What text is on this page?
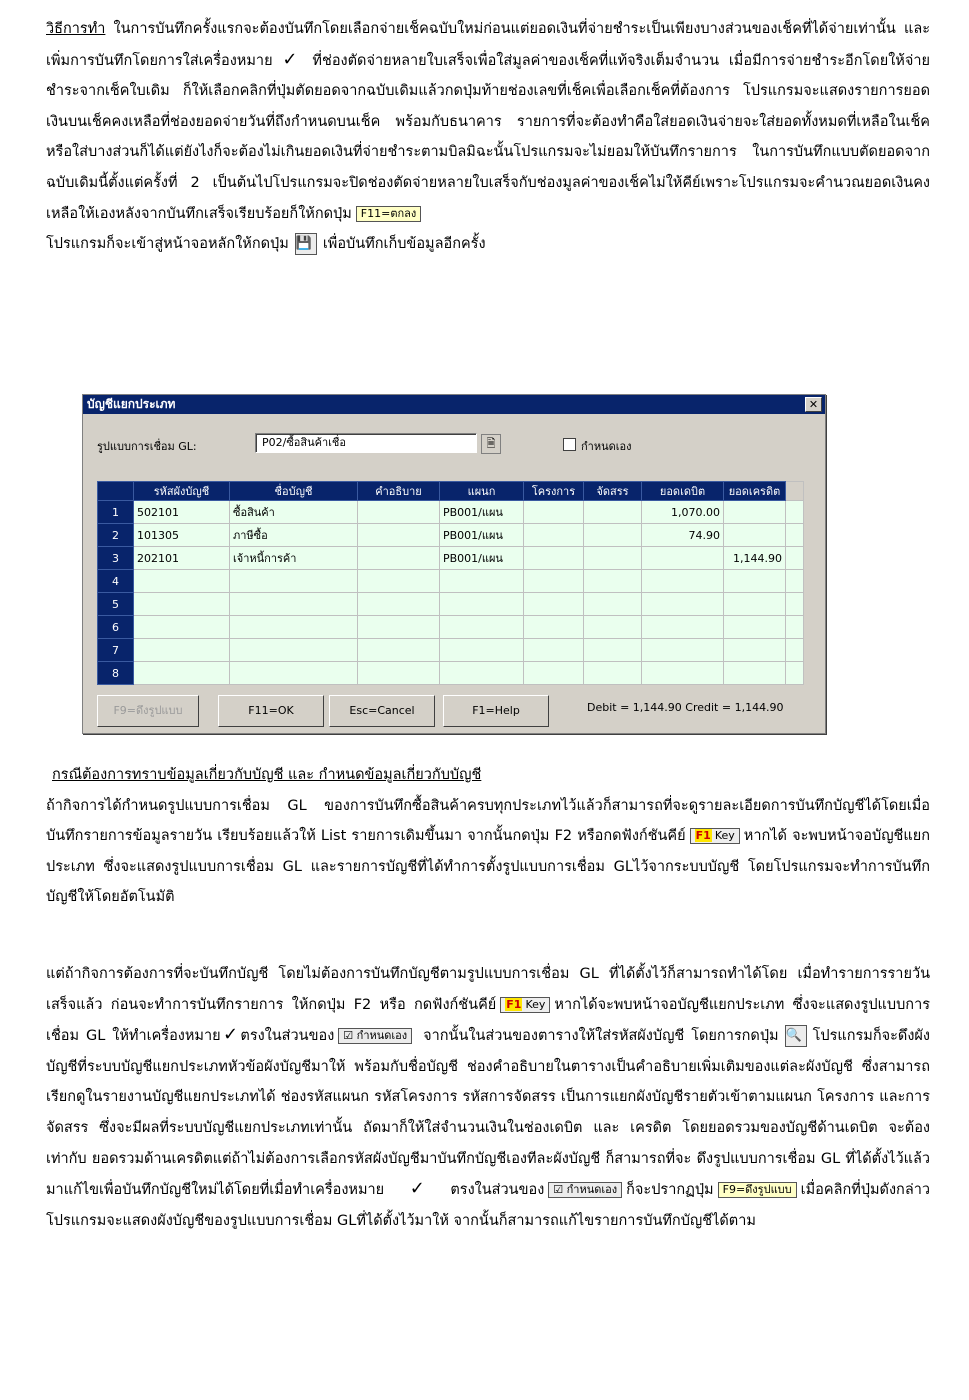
วิธีการทำ ในการบันทึกครั้งแรกจะต้องบันทึกโดยเลือกจ่ายเช็คฉบับใหม่ก่อนแต่ยอดเงินที่จ่ายชำระเป็นเพียงบางส่วนของเช็คที่ได้จ่ายเท่านั้น และเพิ่มการบันทึกโดยการใส่เครื่องหมาย ✓ ที่ช่องตัดจ่ายหลายใบเสร็จเพื่อใส่มูลค่าของเช็คที่แท้จริงเต็มจำนวน เมื่อมีการจ่ายชำระอีกโดยให้จ่ายชำระจากเช็คใบเดิม ก็ให้เลือกคลิกที่ปุ่มตัดยอดจากฉบับเดิมแล้วกดปุ่มท้ายช่องเลขที่เช็คเพื่อเลือกเช็คที่ต้องการ โปรแกรมจะแสดงรายการยอดเงินบนเช็คคงเหลือที่ช่องยอดจ่ายวันที่ถึงกำหนดบนเช็ค พร้อมกับธนาคาร รายการที่จะต้องทำคือใส่ยอดเงินจ่ายจะใส่ยอดทั้งหมดที่เหลือในเช็คหรือใส่บางส่วนก็ได้แต่ยังไงก็จะต้องไม่เกินยอดเงินที่จ่ายชำระตามบิลมิฉะนั้นโปรแกรมจะไม่ยอมให้บันทึกรายการ ในการบันทึกแบบตัดยอดจากฉบับเดิมนี้ตั้งแต่ครั้งที่ 2 เป็นต้นไปโปรแกรมจะปิดช่องตัดจ่ายหลายใบเสร็จกับช่องมูลค่าของเช็คไม่ให้คีย์เพราะโปรแกรมจะคำนวณยอดเงินคงเหลือให้เองหลังจากบันทึกเสร็จเรียบร้อยก็ให้กดปุ่ม F11=ตกลง
โปรแกรมก็จะเข้าสู่หน้าจอหลักให้กดปุ่ม 💾 เพื่อบันทึกเก็บข้อมูลอีกครั้ง
บัญชีแยกประเภท	✕
รูปแบบการเชื่อม GL:	P02/ซื้อสินค้าเชื่อ	🗎	กำหนดเอง
	รหัสผังบัญชี	ชื่อบัญชี	คำอธิบาย	แผนก	โครงการ	จัดสรร	ยอดเดบิต	ยอดเครดิต	
1	502101	ซื้อสินค้า		PB001/แผน			1,070.00		
2	101305	ภาษีซื้อ		PB001/แผน			74.90		
3	202101	เจ้าหนี้การค้า		PB001/แผน				1,144.90	
4									
5									
6									
7									
8									
F9=ดึงรูปแบบ	F11=OK	Esc=Cancel	F1=Help	Debit = 1,144.90 Credit = 1,144.90
กรณีต้องการทราบข้อมูลเกี่ยวกับบัญชี และ กำหนดข้อมูลเกี่ยวกับบัญชี
ถ้ากิจการได้กำหนดรูปแบบการเชื่อม GL ของการบันทึกซื้อสินค้าครบทุกประเภทไว้แล้วก็สามารถที่จะดูรายละเอียดการบันทึกบัญชีได้โดยเมื่อบันทึกรายการข้อมูลรายวัน เรียบร้อยแล้วให้ List รายการเดิมขึ้นมา จากนั้นกดปุ่ม F2 หรือกดฟังก์ชันคีย์ F1 Key หากได้ จะพบหน้าจอบัญชีแยกประเภท ซึ่งจะแสดงรูปแบบการเชื่อม GL และรายการบัญชีที่ได้ทำการตั้งรูปแบบการเชื่อม GLไว้จากระบบบัญชี โดยโปรแกรมจะทำการบันทึกบัญชีให้โดยอัตโนมัติ
แต่ถ้ากิจการต้องการที่จะบันทึกบัญชี โดยไม่ต้องการบันทึกบัญชีตามรูปแบบการเชื่อม GL ที่ได้ตั้งไว้ก็สามารถทำได้โดย เมื่อทำรายการรายวันเสร็จแล้ว ก่อนจะทำการบันทึกรายการ ให้กดปุ่ม F2 หรือ กดฟังก์ชันคีย์ F1 Key หากได้จะพบหน้าจอบัญชีแยกประเภท ซึ่งจะแสดงรูปแบบการเชื่อม GL ให้ทำเครื่องหมาย✓ตรงในส่วนของ ☑ กำหนดเอง จากนั้นในส่วนของตารางให้ใส่รหัสผังบัญชี โดยการกดปุ่ม 🔍 โปรแกรมก็จะดึงผังบัญชีที่ระบบบัญชีแยกประเภทหัวข้อผังบัญชีมาให้ พร้อมกับชื่อบัญชี ช่องคำอธิบายในตารางเป็นคำอธิบายเพิ่มเติมของแต่ละผังบัญชี ซึ่งสามารถเรียกดูในรายงานบัญชีแยกประเภทได้ ช่องรหัสแผนก รหัสโครงการ รหัสการจัดสรร เป็นการแยกผังบัญชีรายตัวเข้าตามแผนก โครงการ และการจัดสรร ซึ่งจะมีผลที่ระบบบัญชีแยกประเภทเท่านั้น ถัดมาก็ให้ใส่จำนวนเงินในช่องเดบิต และ เครดิต โดยยอดรวมของบัญชีด้านเดบิต จะต้อง เท่ากับ ยอดรวมด้านเครดิตแต่ถ้าไม่ต้องการเลือกรหัสผังบัญชีมาบันทึกบัญชีเองทีละผังบัญชี ก็สามารถที่จะ ดึงรูปแบบการเชื่อม GL ที่ได้ตั้งไว้แล้วมาแก้ไขเพื่อบันทึกบัญชีใหม่ได้โดยที่เมื่อทำเครื่องหมาย✓ตรงในส่วนของ ☑ กำหนดเอง ก็จะปรากฏปุ่ม F9=ดึงรูปแบบ เมื่อคลิกที่ปุ่มดังกล่าวโปรแกรมจะแสดงผังบัญชีของรูปแบบการเชื่อม GLที่ได้ตั้งไว้มาให้ จากนั้นก็สามารถแก้ไขรายการบันทึกบัญชีได้ตาม
